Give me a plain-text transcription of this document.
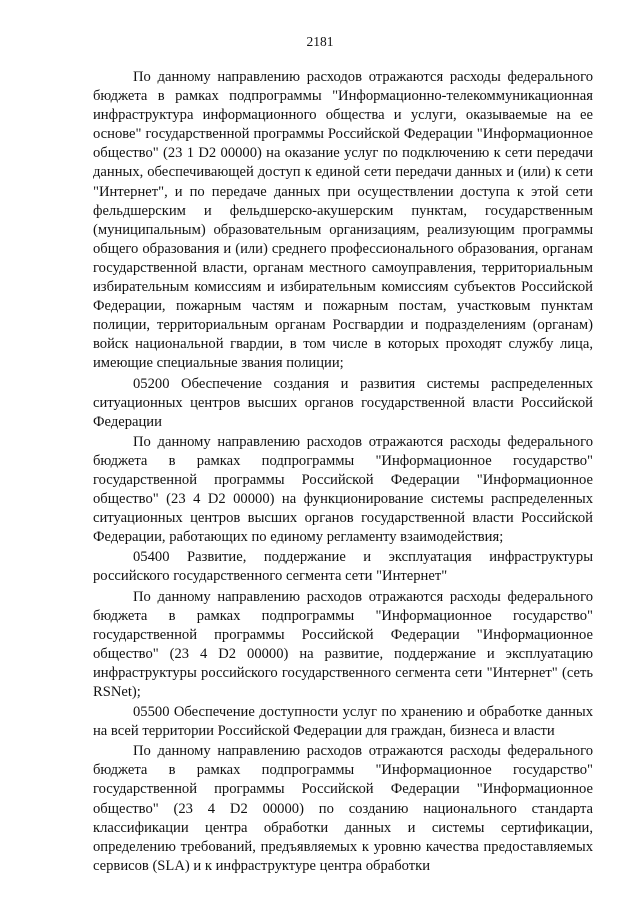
2181

По данному направлению расходов отражаются расходы федерального бюджета в рамках подпрограммы "Информационно-телекоммуникационная инфраструктура информационного общества и услуги, оказываемые на ее основе" государственной программы Российской Федерации "Информационное общество" (23 1 D2 00000) на оказание услуг по подключению к сети передачи данных, обеспечивающей доступ к единой сети передачи данных и (или) к сети "Интернет", и по передаче данных при осуществлении доступа к этой сети фельдшерским и фельдшерско-акушерским пунктам, государственным (муниципальным) образовательным организациям, реализующим программы общего образования и (или) среднего профессионального образования, органам государственной власти, органам местного самоуправления, территориальным избирательным комиссиям и избирательным комиссиям субъектов Российской Федерации, пожарным частям и пожарным постам, участковым пунктам полиции, территориальным органам Росгвардии и подразделениям (органам) войск национальной гвардии, в том числе в которых проходят службу лица, имеющие специальные звания полиции;

05200 Обеспечение создания и развития системы распределенных ситуационных центров высших органов государственной власти Российской Федерации

По данному направлению расходов отражаются расходы федерального бюджета в рамках подпрограммы "Информационное государство" государственной программы Российской Федерации "Информационное общество" (23 4 D2 00000) на функционирование системы распределенных ситуационных центров высших органов государственной власти Российской Федерации, работающих по единому регламенту взаимодействия;

05400 Развитие, поддержание и эксплуатация инфраструктуры российского государственного сегмента сети "Интернет"

По данному направлению расходов отражаются расходы федерального бюджета в рамках подпрограммы "Информационное государство" государственной программы Российской Федерации "Информационное общество" (23 4 D2 00000) на развитие, поддержание и эксплуатацию инфраструктуры российского государственного сегмента сети "Интернет" (сеть RSNet);

05500 Обеспечение доступности услуг по хранению и обработке данных на всей территории Российской Федерации для граждан, бизнеса и власти

По данному направлению расходов отражаются расходы федерального бюджета в рамках подпрограммы "Информационное государство" государственной программы Российской Федерации "Информационное общество" (23 4 D2 00000) по созданию национального стандарта классификации центра обработки данных и системы сертификации, определению требований, предъявляемых к уровню качества предоставляемых сервисов (SLA) и к инфраструктуре центра обработки
